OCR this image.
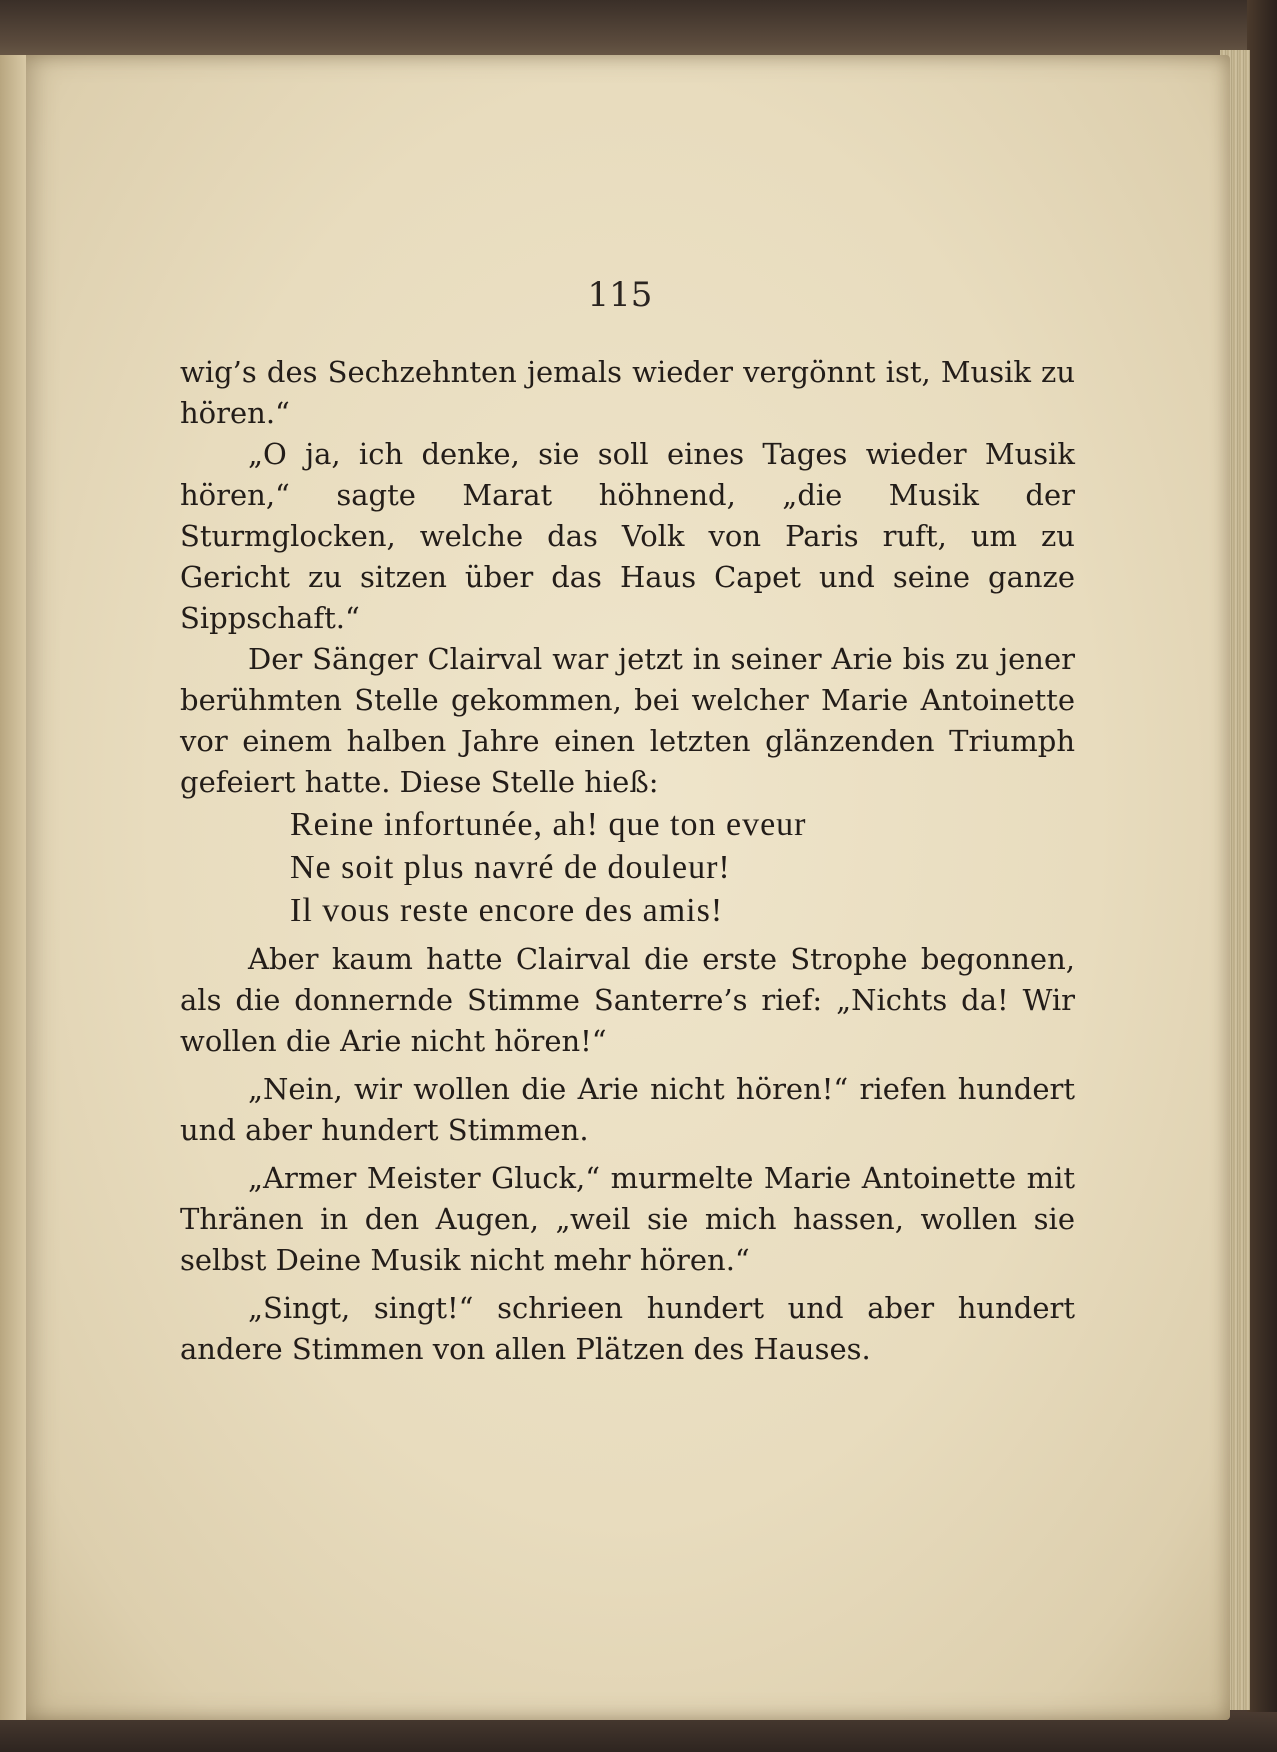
115

wig’s des Sechzehnten jemals wieder vergönnt ist, Musik zu hören.“

„O ja, ich denke, sie soll eines Tages wieder Musik hören,“ sagte Marat höhnend, „die Musik der Sturmglocken, welche das Volk von Paris ruft, um zu Gericht zu sitzen über das Haus Capet und seine ganze Sippschaft.“

Der Sänger Clairval war jetzt in seiner Arie bis zu jener berühmten Stelle gekommen, bei welcher Marie Antoinette vor einem halben Jahre einen letzten glänzenden Triumph gefeiert hatte. Diese Stelle hieß:

Reine infortunée, ah! que ton eveur
Ne soit plus navré de douleur!
Il vous reste encore des amis!

Aber kaum hatte Clairval die erste Strophe begonnen, als die donnernde Stimme Santerre’s rief: „Nichts da! Wir wollen die Arie nicht hören!“

„Nein, wir wollen die Arie nicht hören!“ riefen hundert und aber hundert Stimmen.

„Armer Meister Gluck,“ murmelte Marie Antoinette mit Thränen in den Augen, „weil sie mich hassen, wollen sie selbst Deine Musik nicht mehr hören.“

„Singt, singt!“ schrieen hundert und aber hundert andere Stimmen von allen Plätzen des Hauses.
